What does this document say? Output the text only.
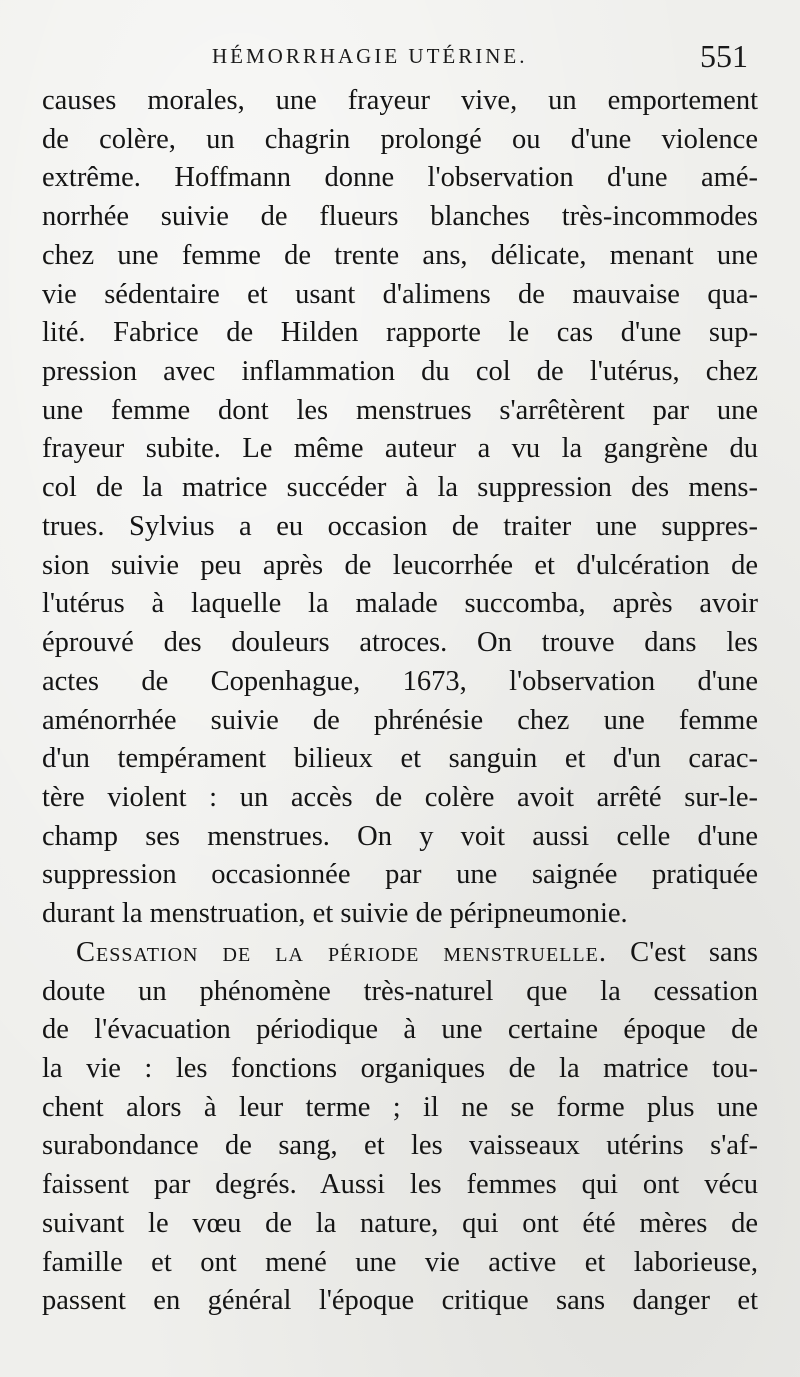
HÉMORRHAGIE UTÉRINE.	551
causes morales, une frayeur vive, un emportement
de colère, un chagrin prolongé ou d'une violence
extrême. Hoffmann donne l'observation d'une amé-
norrhée suivie de flueurs blanches très-incommodes
chez une femme de trente ans, délicate, menant une
vie sédentaire et usant d'alimens de mauvaise qua-
lité. Fabrice de Hilden rapporte le cas d'une sup-
pression avec inflammation du col de l'utérus, chez
une femme dont les menstrues s'arrêtèrent par une
frayeur subite. Le même auteur a vu la gangrène du
col de la matrice succéder à la suppression des mens-
trues. Sylvius a eu occasion de traiter une suppres-
sion suivie peu après de leucorrhée et d'ulcération de
l'utérus à laquelle la malade succomba, après avoir
éprouvé des douleurs atroces. On trouve dans les
actes de Copenhague, 1673, l'observation d'une
aménorrhée suivie de phrénésie chez une femme
d'un tempérament bilieux et sanguin et d'un carac-
tère violent : un accès de colère avoit arrêté sur-le-
champ ses menstrues. On y voit aussi celle d'une
suppression occasionnée par une saignée pratiquée
durant la menstruation, et suivie de péripneumonie.
Cessation de la période menstruelle. C'est sans
doute un phénomène très-naturel que la cessation
de l'évacuation périodique à une certaine époque de
la vie : les fonctions organiques de la matrice tou-
chent alors à leur terme ; il ne se forme plus une
surabondance de sang, et les vaisseaux utérins s'af-
faissent par degrés. Aussi les femmes qui ont vécu
suivant le vœu de la nature, qui ont été mères de
famille et ont mené une vie active et laborieuse,
passent en général l'époque critique sans danger et
